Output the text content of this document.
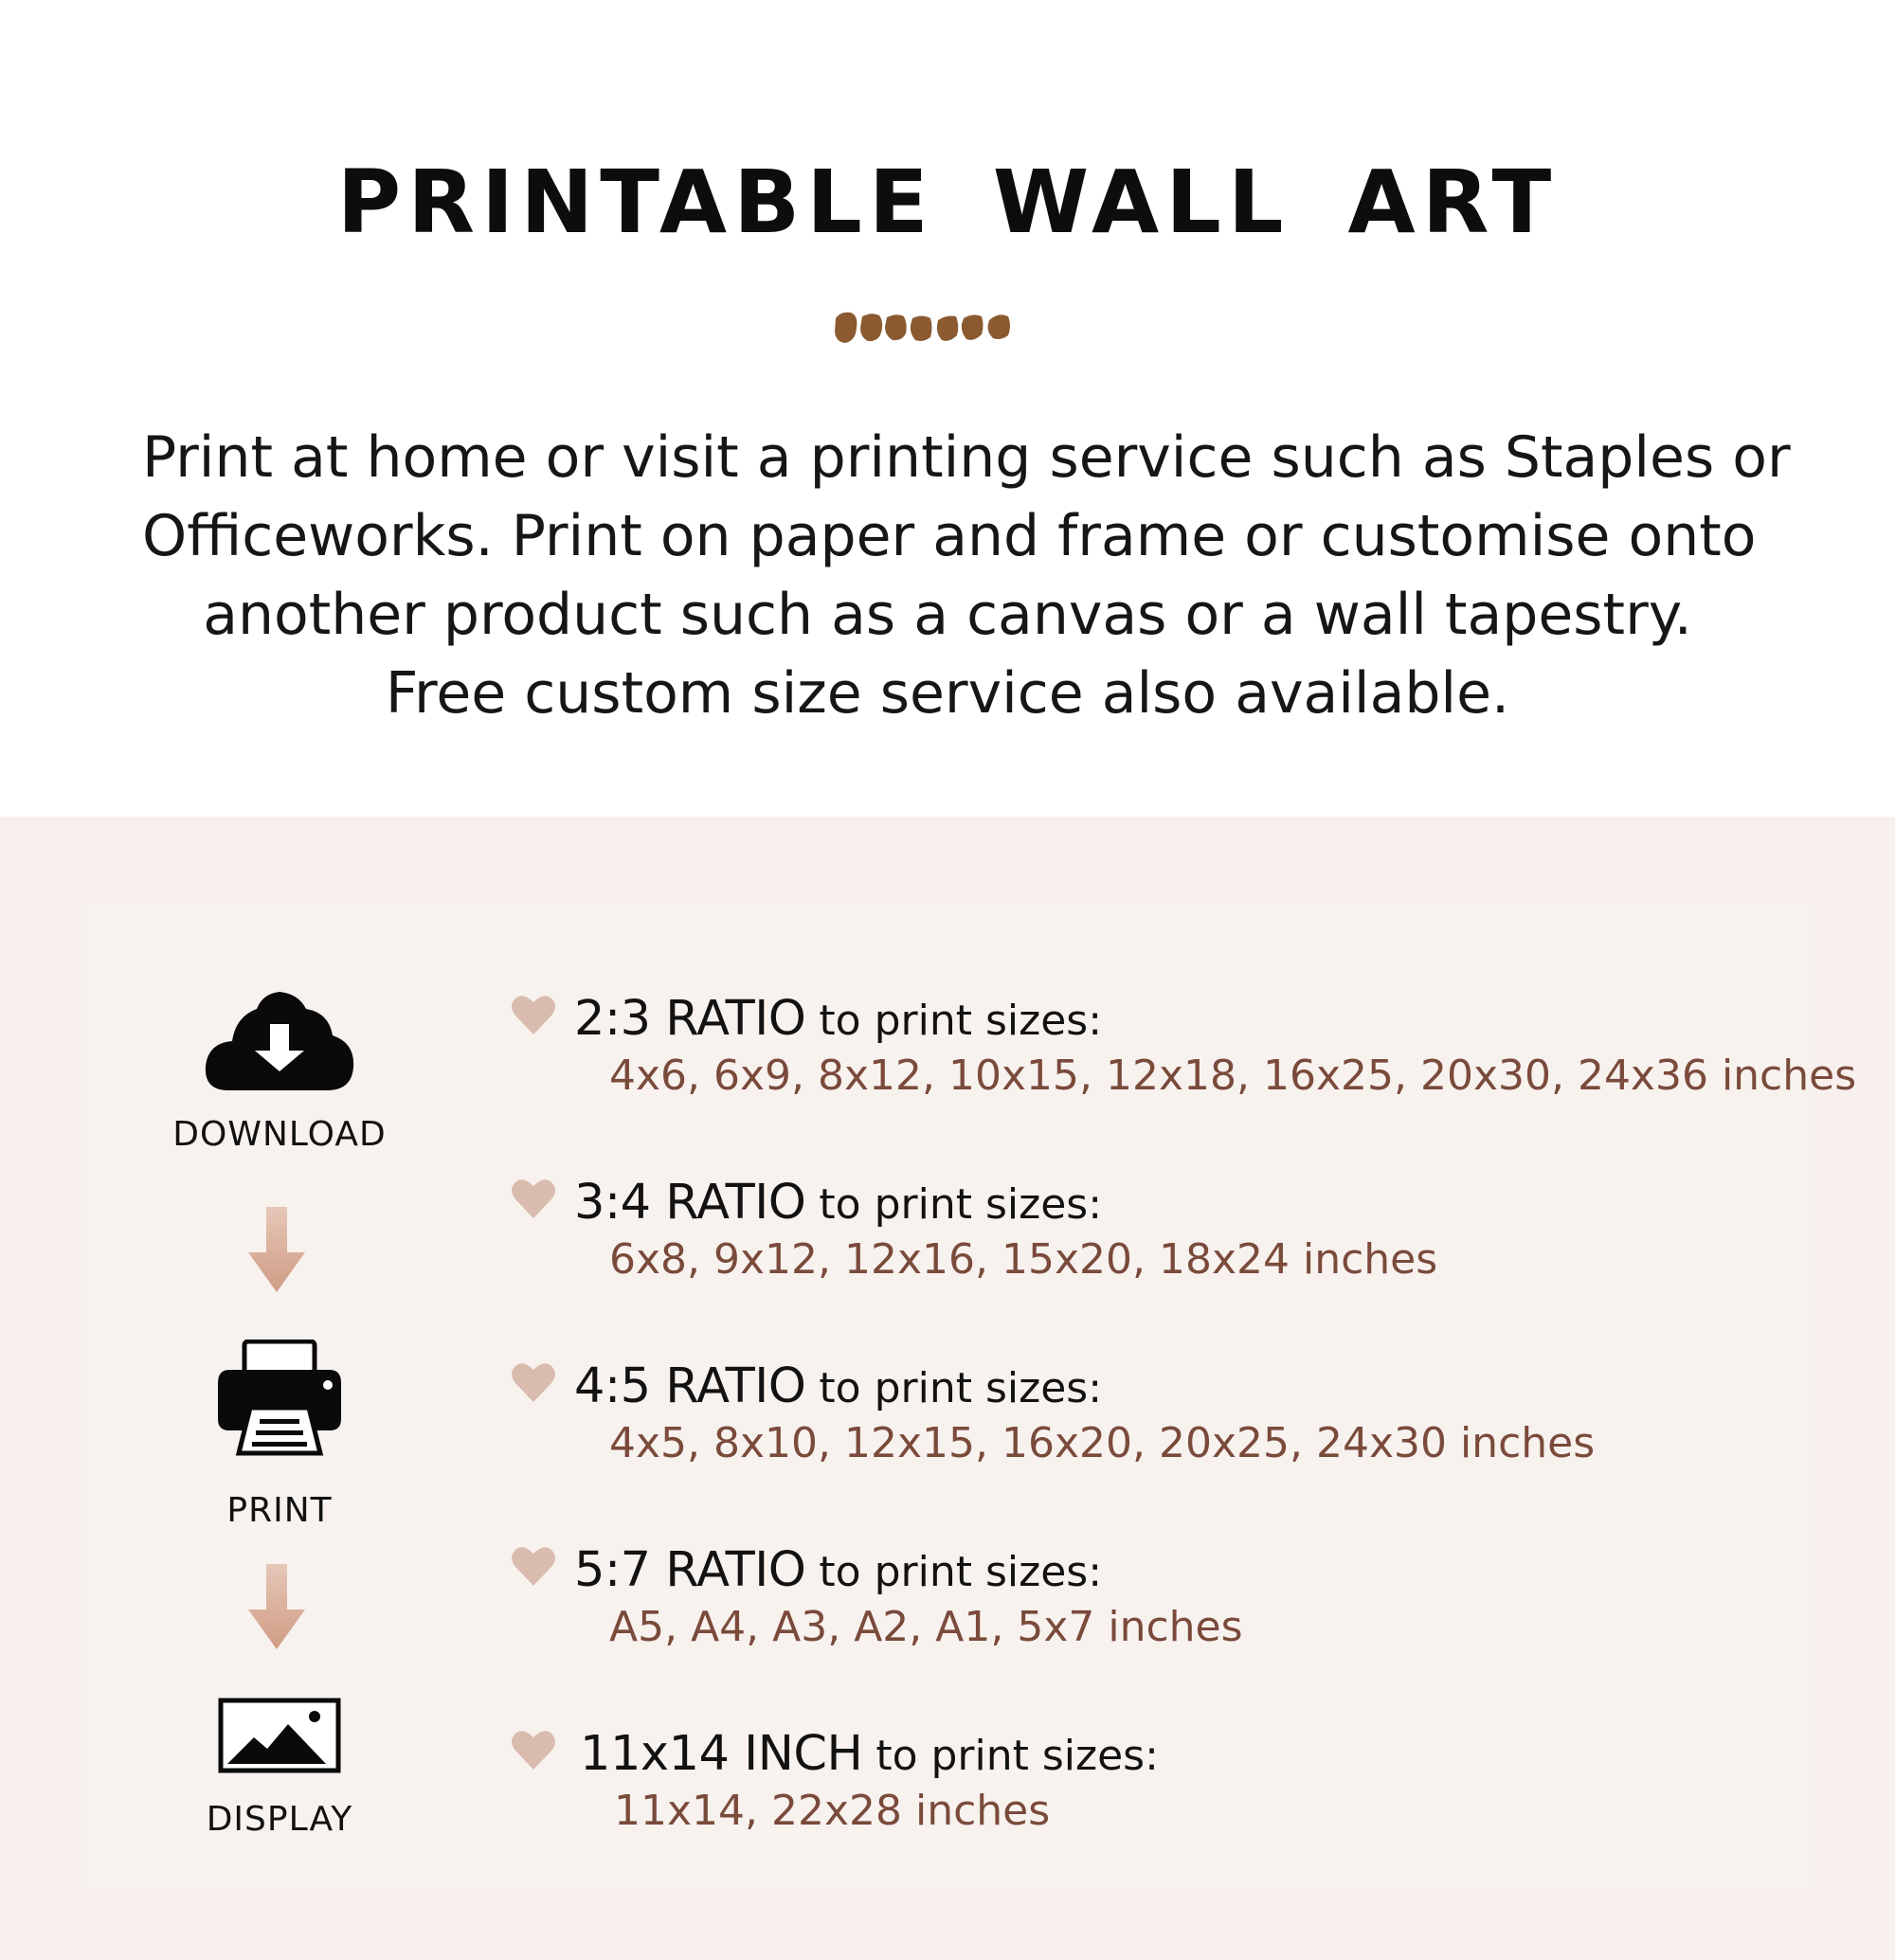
PRINTABLE WALL ART

Print at home or visit a printing service such as Staples or
Officeworks. Print on paper and frame or customise onto
another product such as a canvas or a wall tapestry.
Free custom size service also available.

DOWNLOAD
PRINT
DISPLAY
2:3 RATIO to print sizes:
4x6, 6x9, 8x12, 10x15, 12x18, 16x25, 20x30, 24x36 inches
3:4 RATIO to print sizes:
6x8, 9x12, 12x16, 15x20, 18x24 inches
4:5 RATIO to print sizes:
4x5, 8x10, 12x15, 16x20, 20x25, 24x30 inches
5:7 RATIO to print sizes:
A5, A4, A3, A2, A1, 5x7 inches
11x14 INCH to print sizes:
11x14, 22x28 inches
